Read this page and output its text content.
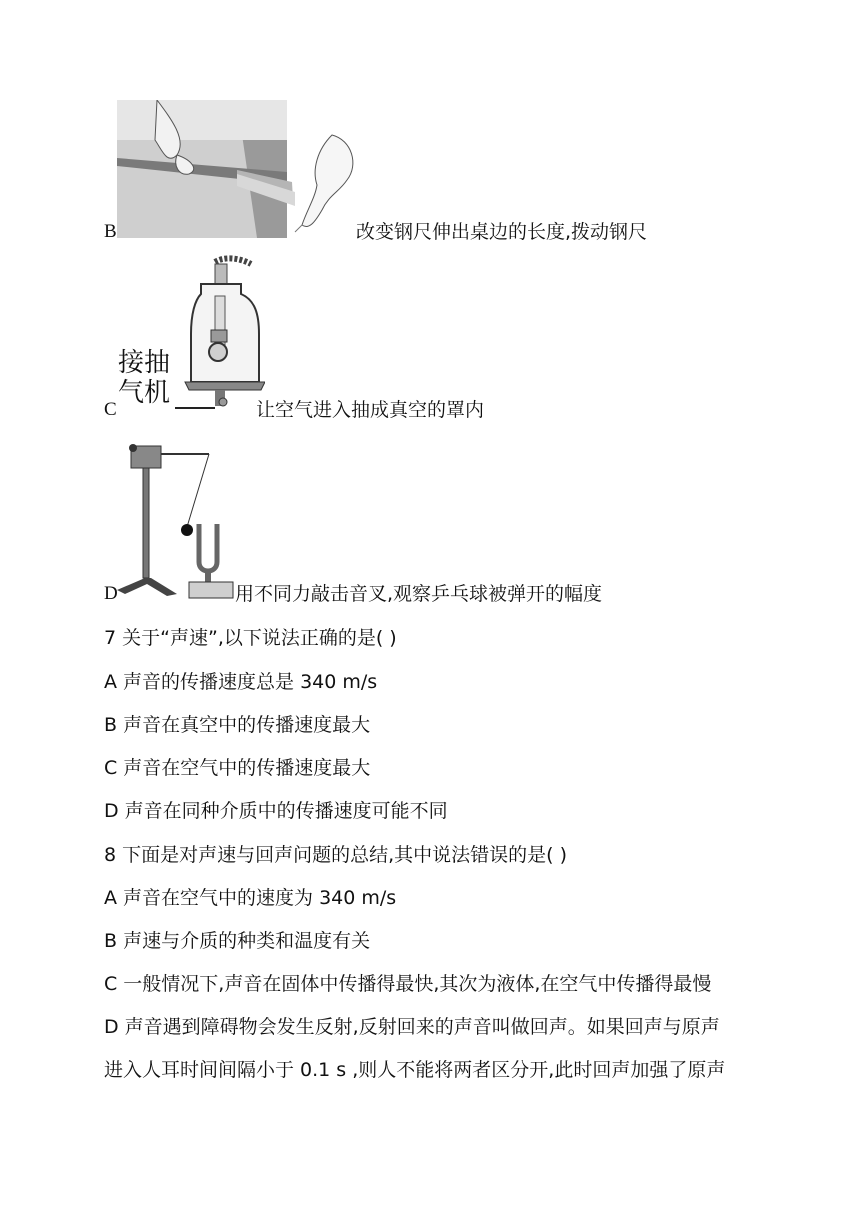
B	改变钢尺伸出桌边的长度,拨动钢尺
C
接抽
气机
让空气进入抽成真空的罩内
D	用不同力敲击音叉,观察乒乓球被弹开的幅度
7 关于“声速”,以下说法正确的是( )
A 声音的传播速度总是 340 m/s
B 声音在真空中的传播速度最大
C 声音在空气中的传播速度最大
D 声音在同种介质中的传播速度可能不同
8 下面是对声速与回声问题的总结,其中说法错误的是( )
A 声音在空气中的速度为 340 m/s
B 声速与介质的种类和温度有关
C 一般情况下,声音在固体中传播得最快,其次为液体,在空气中传播得最慢
D 声音遇到障碍物会发生反射,反射回来的声音叫做回声。如果回声与原声
进入人耳时间间隔小于 0.1 s ,则人不能将两者区分开,此时回声加强了原声
